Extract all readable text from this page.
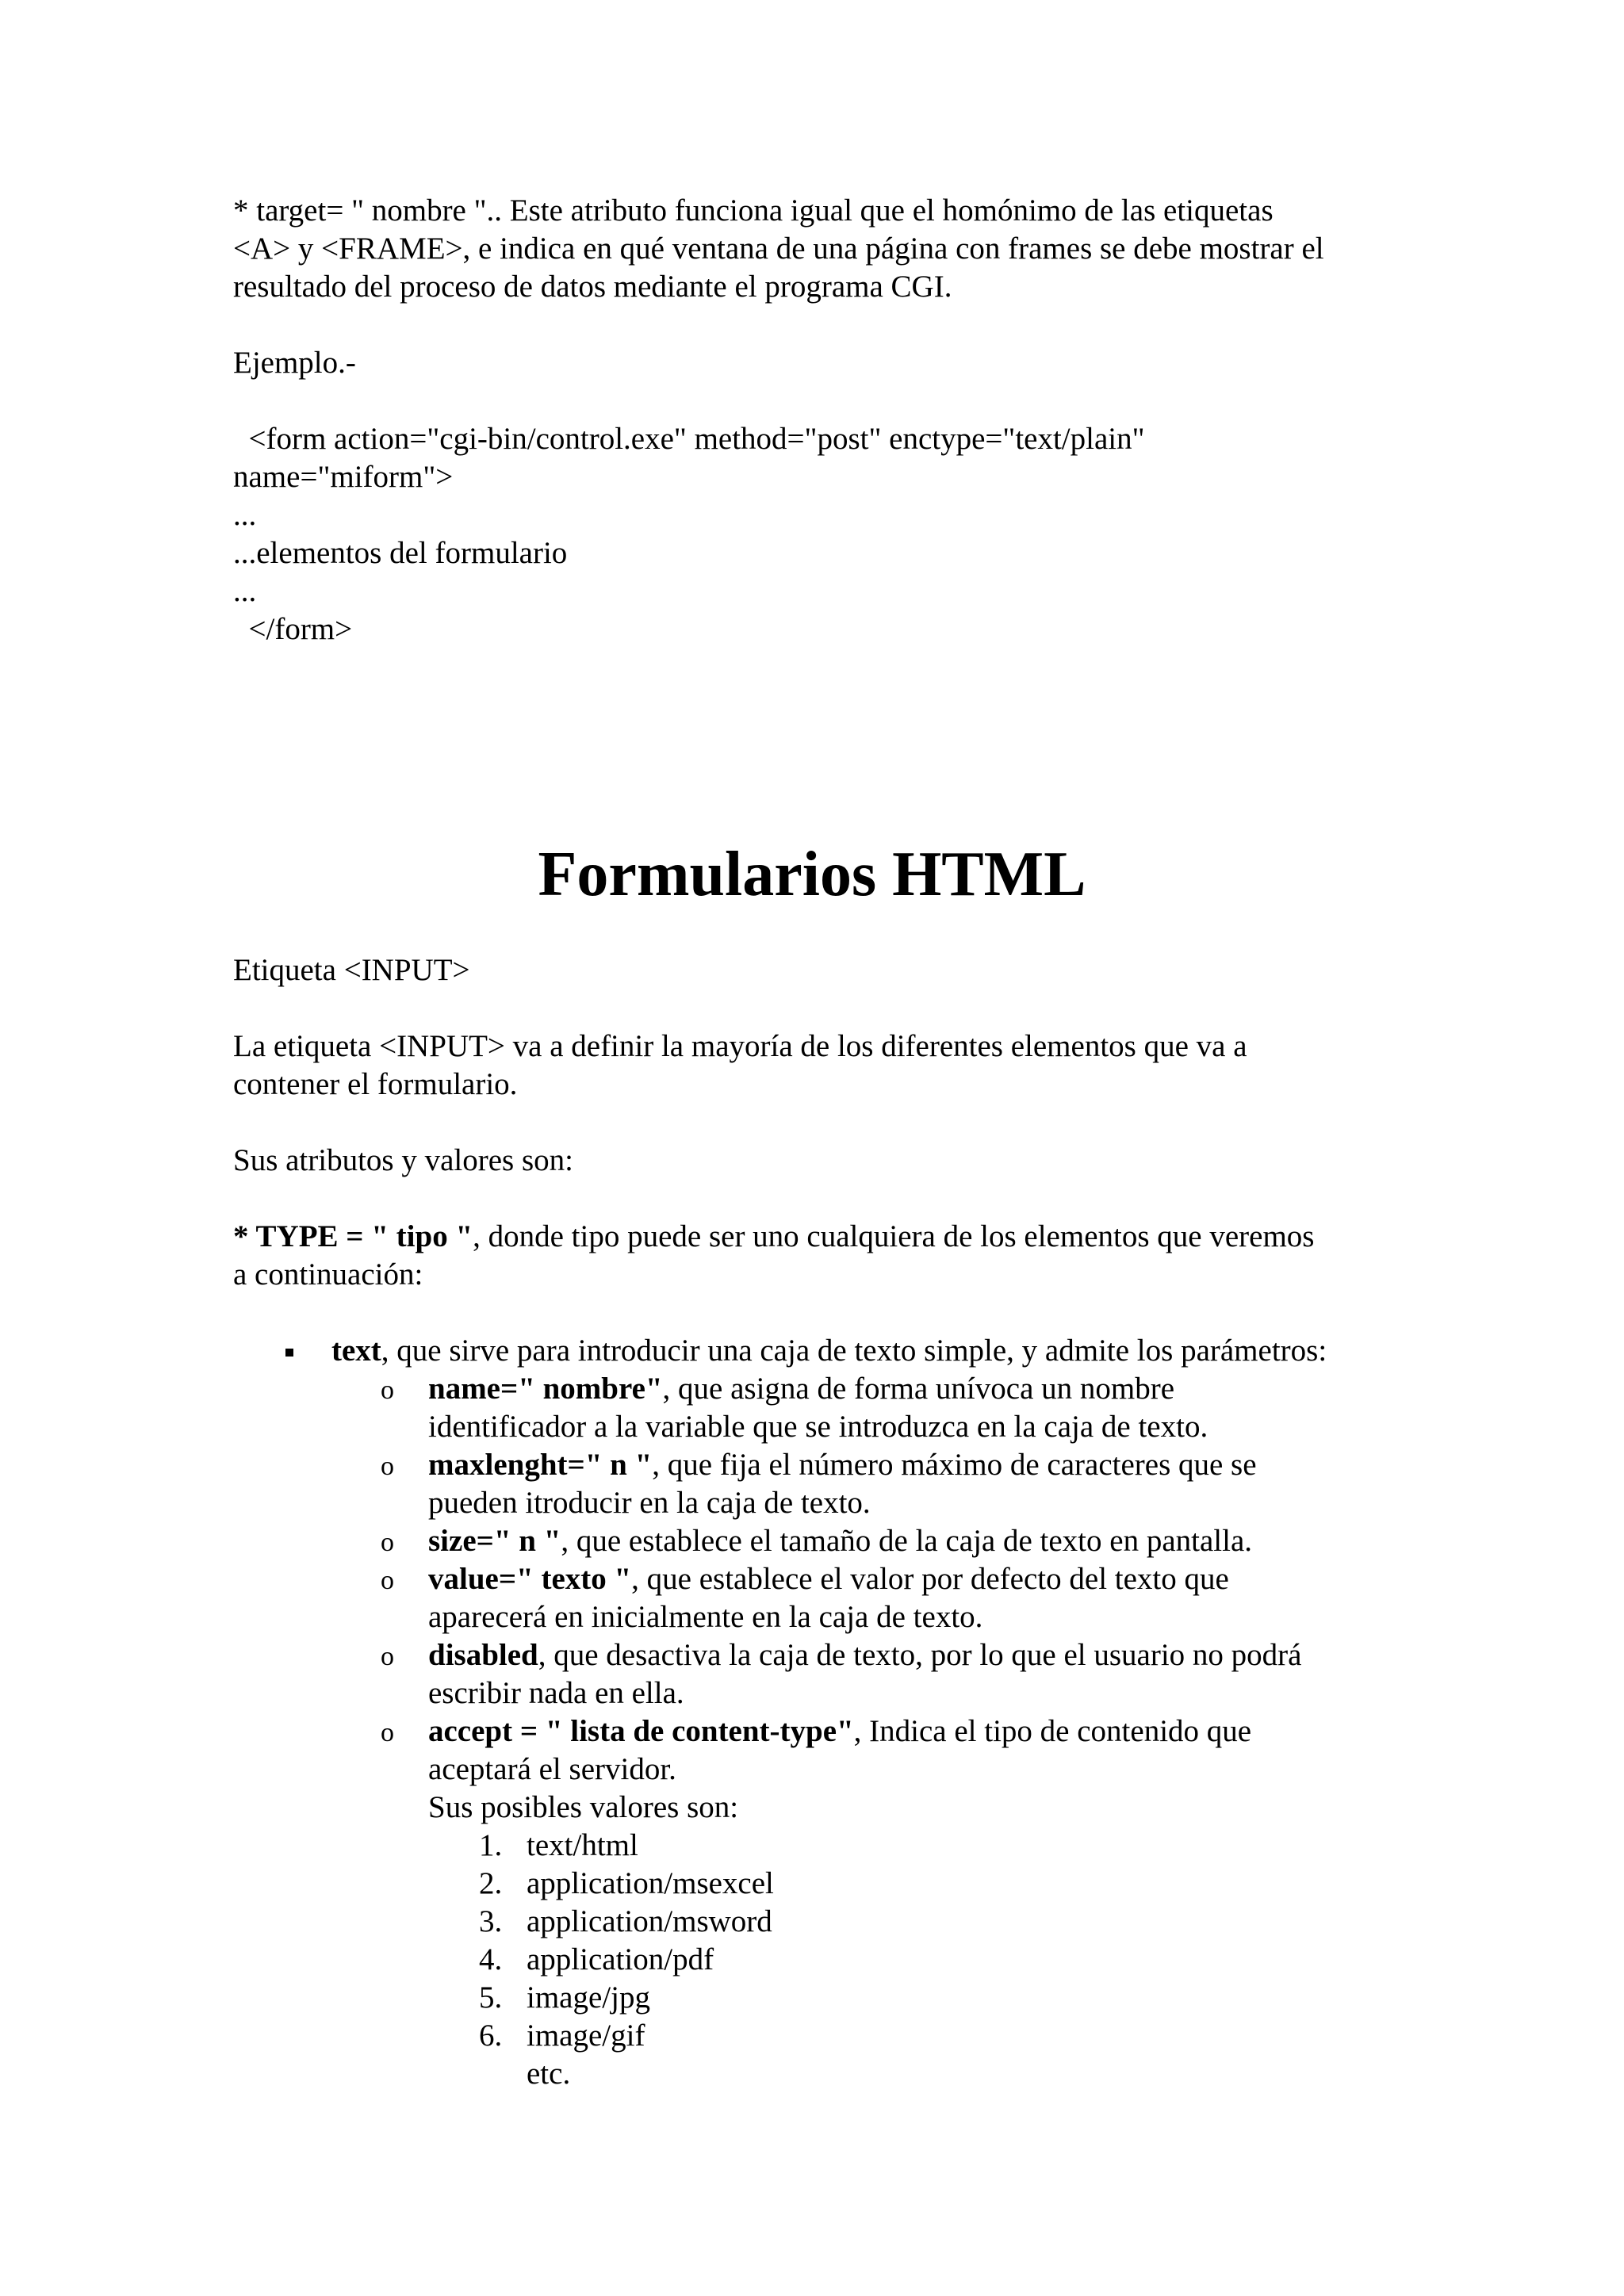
* target= " nombre ".. Este atributo funciona igual que el homónimo de las etiquetas
<A> y <FRAME>, e indica en qué ventana de una página con frames se debe mostrar el
resultado del proceso de datos mediante el programa CGI.
Ejemplo.-
<form action="cgi-bin/control.exe" method="post" enctype="text/plain"
name="miform">
...
...elementos del formulario
...
</form>
Formularios HTML
Etiqueta <INPUT>
La etiqueta <INPUT> va a definir la mayoría de los diferentes elementos que va a
contener el formulario.
Sus atributos y valores son:
* TYPE = " tipo ", donde tipo puede ser uno cualquiera de los elementos que veremos
a continuación:
text, que sirve para introducir una caja de texto simple, y admite los parámetros:
o name=" nombre", que asigna de forma unívoca un nombre
identificador a la variable que se introduzca en la caja de texto.
o maxlenght=" n ", que fija el número máximo de caracteres que se
pueden itroducir en la caja de texto.
o size=" n ", que establece el tamaño de la caja de texto en pantalla.
o value=" texto ", que establece el valor por defecto del texto que
aparecerá en inicialmente en la caja de texto.
o disabled, que desactiva la caja de texto, por lo que el usuario no podrá
escribir nada en ella.
o accept = " lista de content-type", Indica el tipo de contenido que
aceptará el servidor.
Sus posibles valores son:
1. text/html
2. application/msexcel
3. application/msword
4. application/pdf
5. image/jpg
6. image/gif
etc.
